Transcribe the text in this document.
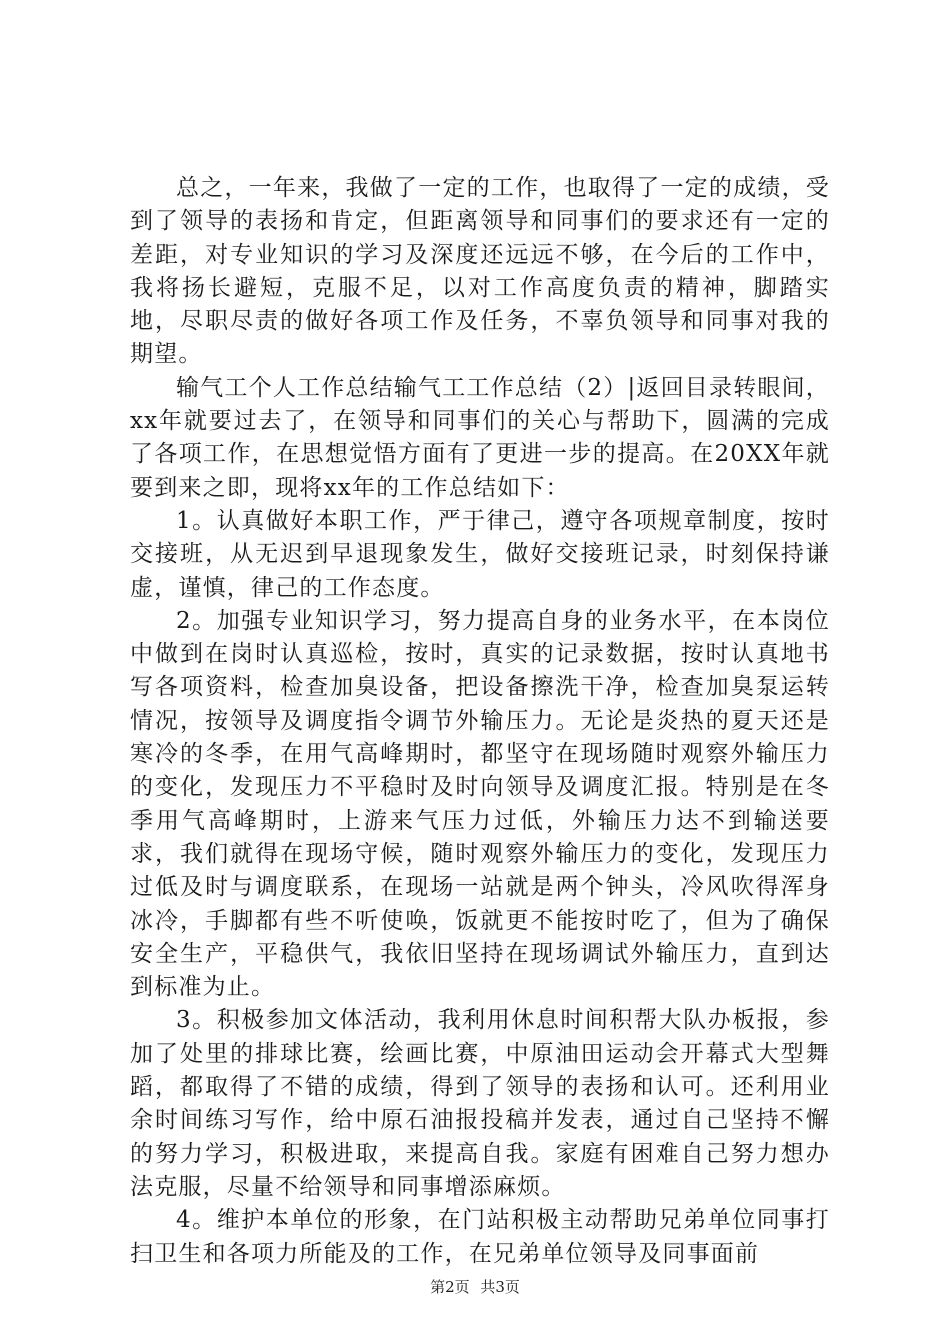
总之，一年来，我做了一定的工作，也取得了一定的成绩，受到了领导的表扬和肯定，但距离领导和同事们的要求还有一定的差距，对专业知识的学习及深度还远远不够，在今后的工作中，我将扬长避短，克服不足，以对工作高度负责的精神，脚踏实地，尽职尽责的做好各项工作及任务，不辜负领导和同事对我的期望。

输气工个人工作总结输气工工作总结（2）|返回目录转眼间，xx年就要过去了，在领导和同事们的关心与帮助下，圆满的完成了各项工作，在思想觉悟方面有了更进一步的提高。在20XX年就要到来之即，现将xx年的工作总结如下：

1。认真做好本职工作，严于律己，遵守各项规章制度，按时交接班，从无迟到早退现象发生，做好交接班记录，时刻保持谦虚，谨慎，律己的工作态度。

2。加强专业知识学习，努力提高自身的业务水平，在本岗位中做到在岗时认真巡检，按时，真实的记录数据，按时认真地书写各项资料，检查加臭设备，把设备擦洗干净，检查加臭泵运转情况，按领导及调度指令调节外输压力。无论是炎热的夏天还是寒冷的冬季，在用气高峰期时，都坚守在现场随时观察外输压力的变化，发现压力不平稳时及时向领导及调度汇报。特别是在冬季用气高峰期时，上游来气压力过低，外输压力达不到输送要求，我们就得在现场守候，随时观察外输压力的变化，发现压力过低及时与调度联系，在现场一站就是两个钟头，冷风吹得浑身冰冷，手脚都有些不听使唤，饭就更不能按时吃了，但为了确保安全生产，平稳供气，我依旧坚持在现场调试外输压力，直到达到标准为止。

3。积极参加文体活动，我利用休息时间积帮大队办板报，参加了处里的排球比赛，绘画比赛，中原油田运动会开幕式大型舞蹈，都取得了不错的成绩，得到了领导的表扬和认可。还利用业余时间练习写作，给中原石油报投稿并发表，通过自己坚持不懈的努力学习，积极进取，来提高自我。家庭有困难自己努力想办法克服，尽量不给领导和同事增添麻烦。

4。维护本单位的形象，在门站积极主动帮助兄弟单位同事打扫卫生和各项力所能及的工作，在兄弟单位领导及同事面前

第2页 共3页
